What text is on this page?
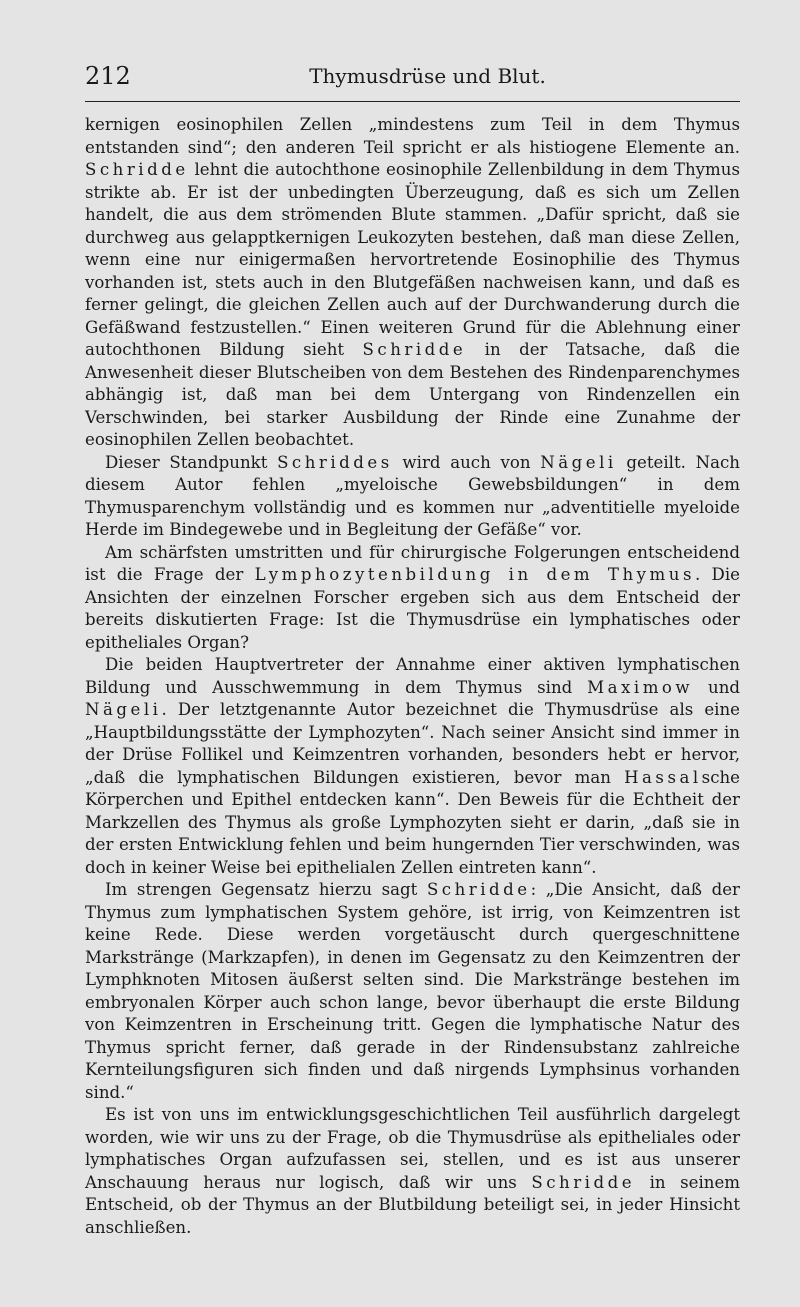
212	Thymusdrüse und Blut.

kernigen eosinophilen Zellen „mindestens zum Teil in dem Thymus entstanden sind“; den anderen Teil spricht er als histiogene Elemente an. Schridde lehnt die autochthone eosinophile Zellenbildung in dem Thymus strikte ab. Er ist der unbedingten Überzeugung, daß es sich um Zellen handelt, die aus dem strömenden Blute stammen. „Dafür spricht, daß sie durchweg aus gelapptkernigen Leukozyten bestehen, daß man diese Zellen, wenn eine nur einigermaßen hervortretende Eosinophilie des Thymus vorhanden ist, stets auch in den Blutgefäßen nachweisen kann, und daß es ferner gelingt, die gleichen Zellen auch auf der Durchwanderung durch die Gefäßwand festzustellen.“ Einen weiteren Grund für die Ablehnung einer autochthonen Bildung sieht Schridde in der Tatsache, daß die Anwesenheit dieser Blutscheiben von dem Bestehen des Rindenparenchymes abhängig ist, daß man bei dem Untergang von Rindenzellen ein Verschwinden, bei starker Ausbildung der Rinde eine Zunahme der eosinophilen Zellen beobachtet.

Dieser Standpunkt Schriddes wird auch von Nägeli geteilt. Nach diesem Autor fehlen „myeloische Gewebsbildungen“ in dem Thymusparenchym vollständig und es kommen nur „adventitielle myeloide Herde im Bindegewebe und in Begleitung der Gefäße“ vor.

Am schärfsten umstritten und für chirurgische Folgerungen entscheidend ist die Frage der Lymphozytenbildung in dem Thymus. Die Ansichten der einzelnen Forscher ergeben sich aus dem Entscheid der bereits diskutierten Frage: Ist die Thymusdrüse ein lymphatisches oder epitheliales Organ?

Die beiden Hauptvertreter der Annahme einer aktiven lymphatischen Bildung und Ausschwemmung in dem Thymus sind Maximow und Nägeli. Der letztgenannte Autor bezeichnet die Thymusdrüse als eine „Hauptbildungsstätte der Lymphozyten“. Nach seiner Ansicht sind immer in der Drüse Follikel und Keimzentren vorhanden, besonders hebt er hervor, „daß die lymphatischen Bildungen existieren, bevor man Hassalsche Körperchen und Epithel entdecken kann“. Den Beweis für die Echtheit der Markzellen des Thymus als große Lymphozyten sieht er darin, „daß sie in der ersten Entwicklung fehlen und beim hungernden Tier verschwinden, was doch in keiner Weise bei epithelialen Zellen eintreten kann“.

Im strengen Gegensatz hierzu sagt Schridde: „Die Ansicht, daß der Thymus zum lymphatischen System gehöre, ist irrig, von Keimzentren ist keine Rede. Diese werden vorgetäuscht durch quergeschnittene Markstränge (Markzapfen), in denen im Gegensatz zu den Keimzentren der Lymphknoten Mitosen äußerst selten sind. Die Markstränge bestehen im embryonalen Körper auch schon lange, bevor überhaupt die erste Bildung von Keimzentren in Erscheinung tritt. Gegen die lymphatische Natur des Thymus spricht ferner, daß gerade in der Rindensubstanz zahlreiche Kernteilungsfiguren sich finden und daß nirgends Lymphsinus vorhanden sind.“

Es ist von uns im entwicklungsgeschichtlichen Teil ausführlich dargelegt worden, wie wir uns zu der Frage, ob die Thymusdrüse als epitheliales oder lymphatisches Organ aufzufassen sei, stellen, und es ist aus unserer Anschauung heraus nur logisch, daß wir uns Schridde in seinem Entscheid, ob der Thymus an der Blutbildung beteiligt sei, in jeder Hinsicht anschließen.
